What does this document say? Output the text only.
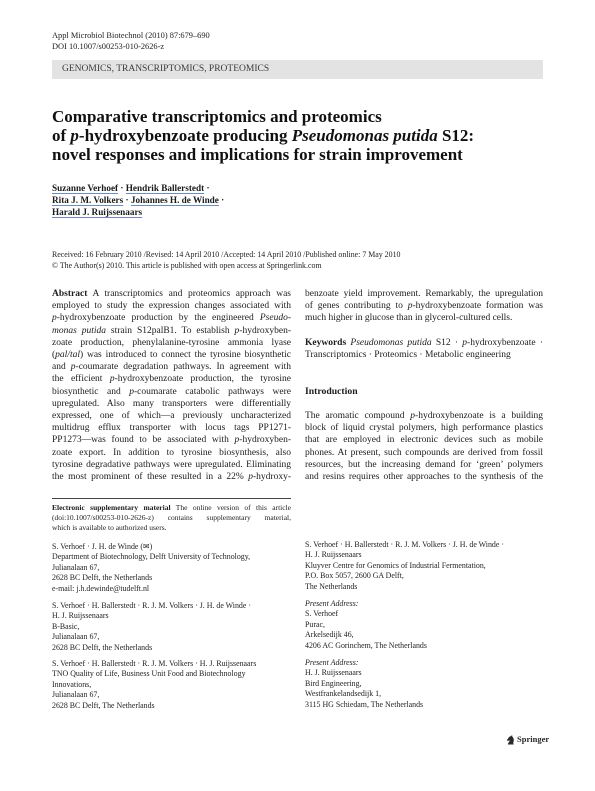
Appl Microbiol Biotechnol (2010) 87:679–690
DOI 10.1007/s00253-010-2626-z
GENOMICS, TRANSCRIPTOMICS, PROTEOMICS
Comparative transcriptomics and proteomics
of p-hydroxybenzoate producing Pseudomonas putida S12:
novel responses and implications for strain improvement
Suzanne Verhoef · Hendrik Ballerstedt ·
Rita J. M. Volkers · Johannes H. de Winde ·
Harald J. Ruijssenaars
Received: 16 February 2010 /Revised: 14 April 2010 /Accepted: 14 April 2010 /Published online: 7 May 2010
© The Author(s) 2010. This article is published with open access at Springerlink.com
Abstract A transcriptomics and proteomics approach was
employed to study the expression changes associated with
p-hydroxybenzoate production by the engineered Pseudo-
monas putida strain S12palB1. To establish p-hydroxyben-
zoate production, phenylalanine-tyrosine ammonia lyase
(pal/tal) was introduced to connect the tyrosine biosynthetic
and p-coumarate degradation pathways. In agreement with
the efficient p-hydroxybenzoate production, the tyrosine
biosynthetic and p-coumarate catabolic pathways were
upregulated. Also many transporters were differentially
expressed, one of which—a previously uncharacterized
multidrug efflux transporter with locus tags PP1271-
PP1273—was found to be associated with p-hydroxyben-
zoate export. In addition to tyrosine biosynthesis, also
tyrosine degradative pathways were upregulated. Eliminating
the most prominent of these resulted in a 22% p-hydroxy-
benzoate yield improvement. Remarkably, the upregulation
of genes contributing to p-hydroxybenzoate formation was
much higher in glucose than in glycerol-cultured cells.
Keywords Pseudomonas putida S12 · p-hydroxybenzoate ·
Transcriptomics · Proteomics · Metabolic engineering
Introduction
The aromatic compound p-hydroxybenzoate is a building
block of liquid crystal polymers, high performance plastics
that are employed in electronic devices such as mobile
phones. At present, such compounds are derived from fossil
resources, but the increasing demand for ‘green’ polymers
and resins requires other approaches to the synthesis of the
Electronic supplementary material The online version of this article
(doi:10.1007/s00253-010-2626-z) contains supplementary material,
which is available to authorized users.
S. Verhoef · J. H. de Winde (✉)
Department of Biotechnology, Delft University of Technology,
Julianalaan 67,
2628 BC Delft, the Netherlands
e-mail: j.h.dewinde@tudelft.nl
S. Verhoef · H. Ballerstedt · R. J. M. Volkers · J. H. de Winde ·
H. J. Ruijssenaars
B-Basic,
Julianalaan 67,
2628 BC Delft, the Netherlands
S. Verhoef · H. Ballerstedt · R. J. M. Volkers · H. J. Ruijssenaars
TNO Quality of Life, Business Unit Food and Biotechnology
Innovations,
Julianalaan 67,
2628 BC Delft, The Netherlands
S. Verhoef · H. Ballerstedt · R. J. M. Volkers · J. H. de Winde ·
H. J. Ruijssenaars
Kluyver Centre for Genomics of Industrial Fermentation,
P.O. Box 5057, 2600 GA Delft,
The Netherlands
Present Address:
S. Verhoef
Purac,
Arkelsedijk 46,
4206 AC Gorinchem, The Netherlands
Present Address:
H. J. Ruijssenaars
Bird Engineering,
Westfrankelandsedijk 1,
3115 HG Schiedam, The Netherlands
Springer
